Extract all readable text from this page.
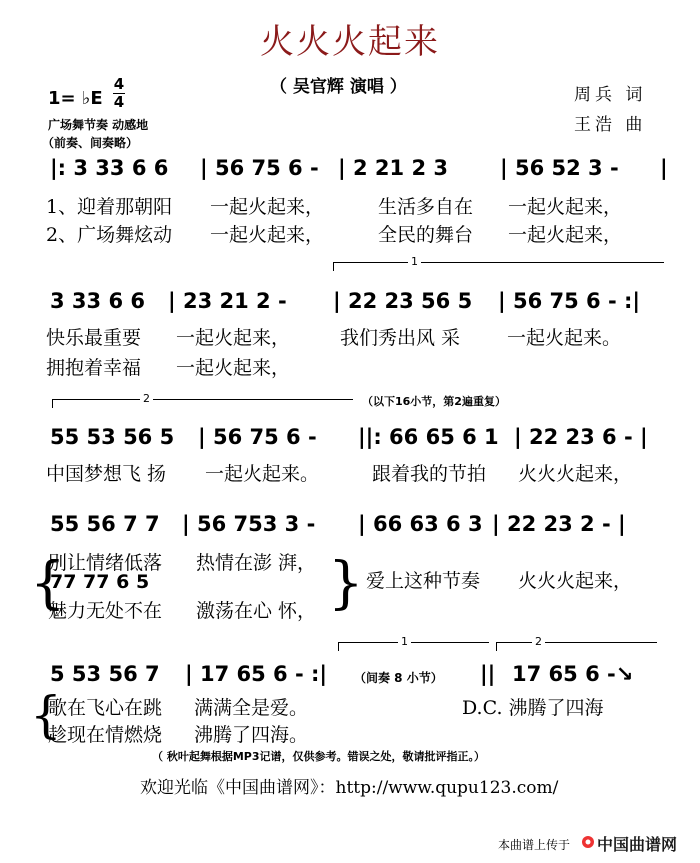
火火火起来
（ 吴官辉 演唱 ）
1= ♭E
4
4
广场舞节奏 动感地
（前奏、间奏略）
周兵 词
王浩 曲
|: 3 33 6 6 | 56 75 6 - | 2 21 2 3 | 56 52 3 - |
1、迎着那朝阳 一起火起来，	生活多自在 一起火起来，
2、广场舞炫动 一起火起来，	全民的舞台 一起火起来，
1
3 33 6 6 | 23 21 2 - | 22 23 56 5 | 56 75 6 - :|
快乐最重要 一起火起来，	我们秀出风 采 一起火起来。
拥抱着幸福 一起火起来，
2	（以下16小节，第2遍重复）
55 53 56 5 | 56 75 6 - ||: 66 65 6 1 | 22 23 6 - |
中国梦想飞 扬 一起火起来。	跟着我的节拍 火火火起来，
55 56 7 7 | 56 753 3 - | 66 63 6 3 | 22 23 2 - |
{
别让情绪低落 热情在澎 湃，
77 77 6 5
魅力无处不在 激荡在心 怀， } 爱上这种节奏 火火火起来，
1	2
5 53 56 7 | 17 65 6 - :| （间奏 8 小节） || 17 65 6 -↘
{
歌在飞心在跳 满满全是爱。
趁现在情燃烧 沸腾了四海。
D.C. 沸腾了四海
（ 秋叶起舞根据MP3记谱，仅供参考。错误之处，敬请批评指正。）
欢迎光临《中国曲谱网》：http://www.qupu123.com/
本曲谱上传于 中国曲谱网
